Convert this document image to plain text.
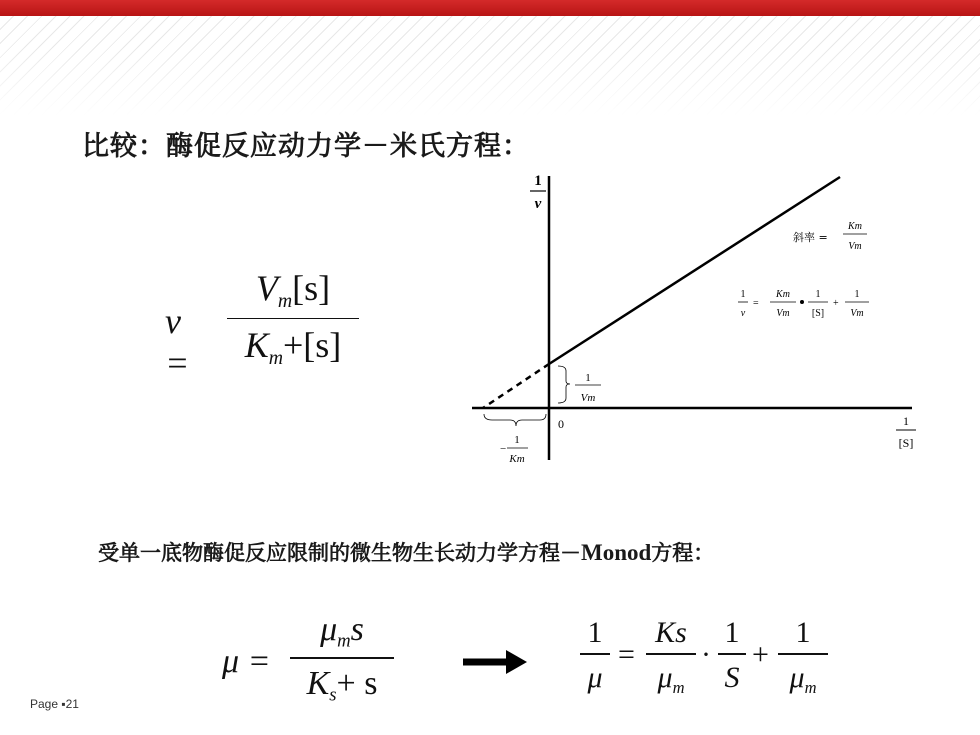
比较：酶促反应动力学－米氏方程：
v =
$V_m[s]$
$K_m+[s]$
1
v
1
[S]
0
斜率 =
Km
Vm
1
v
=
Km
Vm
1
[S]
+
1
Vm
1
Vm
−
1
Km
受单一底物酶促反应限制的微生物生长动力学方程－Monod方程：
μ =
$\mu_ms$
$K_s+ s$
1
μ
=
Ks
$\mu_m$
·
1
S
+
1
$\mu_m$
Page ▪21
